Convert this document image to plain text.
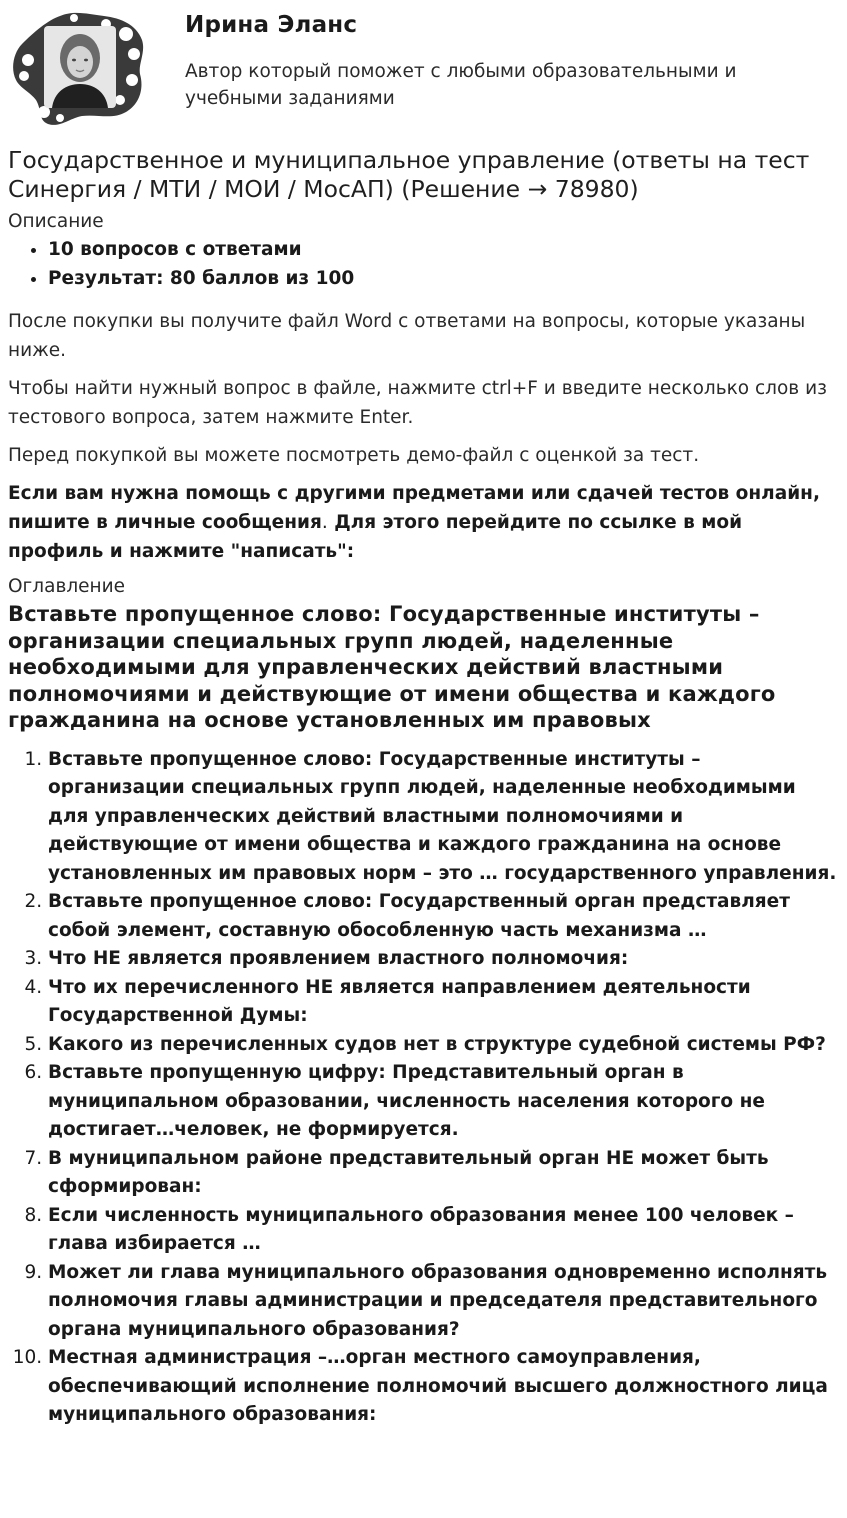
Ирина Эланс
Автор который поможет с любыми образовательными и учебными заданиями
Государственное и муниципальное управление (ответы на тест Синергия / МТИ / МОИ / МосАП) (Решение → 78980)
Описание
• 10 вопросов с ответами
• Результат: 80 баллов из 100

После покупки вы получите файл Word с ответами на вопросы, которые указаны ниже.

Чтобы найти нужный вопрос в файле, нажмите ctrl+F и введите несколько слов из тестового вопроса, затем нажмите Enter.

Перед покупкой вы можете посмотреть демо-файл с оценкой за тест.

Если вам нужна помощь с другими предметами или сдачей тестов онлайн, пишите в личные сообщения. Для этого перейдите по ссылке в мой профиль и нажмите "написать":

Оглавление
Вставьте пропущенное слово: Государственные институты – организации специальных групп людей, наделенные необходимыми для управленческих действий властными полномочиями и действующие от имени общества и каждого гражданина на основе установленных им правовых
1. Вставьте пропущенное слово: Государственные институты – организации специальных групп людей, наделенные необходимыми для управленческих действий властными полномочиями и действующие от имени общества и каждого гражданина на основе установленных им правовых норм – это … государственного управления.
2. Вставьте пропущенное слово: Государственный орган представляет собой элемент, составную обособленную часть механизма …
3. Что НЕ является проявлением властного полномочия:
4. Что их перечисленного НЕ является направлением деятельности Государственной Думы:
5. Какого из перечисленных судов нет в структуре судебной системы РФ?
6. Вставьте пропущенную цифру: Представительный орган в муниципальном образовании, численность населения которого не достигает…человек, не формируется.
7. В муниципальном районе представительный орган НЕ может быть сформирован:
8. Если численность муниципального образования менее 100 человек – глава избирается …
9. Может ли глава муниципального образования одновременно исполнять полномочия главы администрации и председателя представительного органа муниципального образования?
10. Местная администрация –…орган местного самоуправления, обеспечивающий исполнение полномочий высшего должностного лица муниципального образования:
